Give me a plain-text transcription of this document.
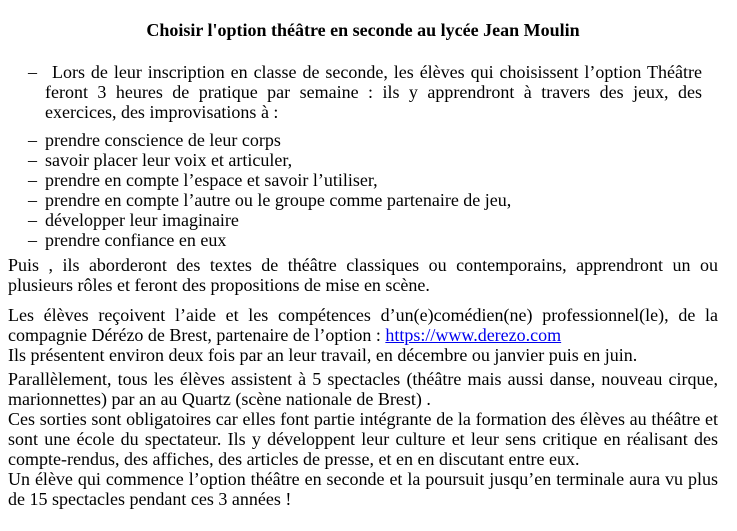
Choisir l'option théâtre en seconde au lycée Jean Moulin
– Lors de leur inscription en classe de seconde, les élèves qui choisissent l’option Théâtre feront 3 heures de pratique par semaine : ils y apprendront à travers des jeux, des exercices, des improvisations à :
– prendre conscience de leur corps
– savoir placer leur voix et articuler,
– prendre en compte l’espace et savoir l’utiliser,
– prendre en compte l’autre ou le groupe comme partenaire de jeu,
– développer leur imaginaire
– prendre confiance en eux

Puis , ils aborderont des textes de théâtre classiques ou contemporains, apprendront un ou plusieurs rôles et feront des propositions de mise en scène.

Les élèves reçoivent l’aide et les compétences d’un(e)comédien(ne) professionnel(le), de la compagnie Dérézo de Brest, partenaire de l’option : https://www.derezo.com
Ils présentent environ deux fois par an leur travail, en décembre ou janvier puis en juin.

Parallèlement, tous les élèves assistent à 5 spectacles (théâtre mais aussi danse, nouveau cirque, marionnettes) par an au Quartz (scène nationale de Brest) .

Ces sorties sont obligatoires car elles font partie intégrante de la formation des élèves au théâtre et sont une école du spectateur. Ils y développent leur culture et leur sens critique en réalisant des compte-rendus, des affiches, des articles de presse, et en en discutant entre eux.

Un élève qui commence l’option théâtre en seconde et la poursuit jusqu’en terminale aura vu plus de 15 spectacles pendant ces 3 années !
